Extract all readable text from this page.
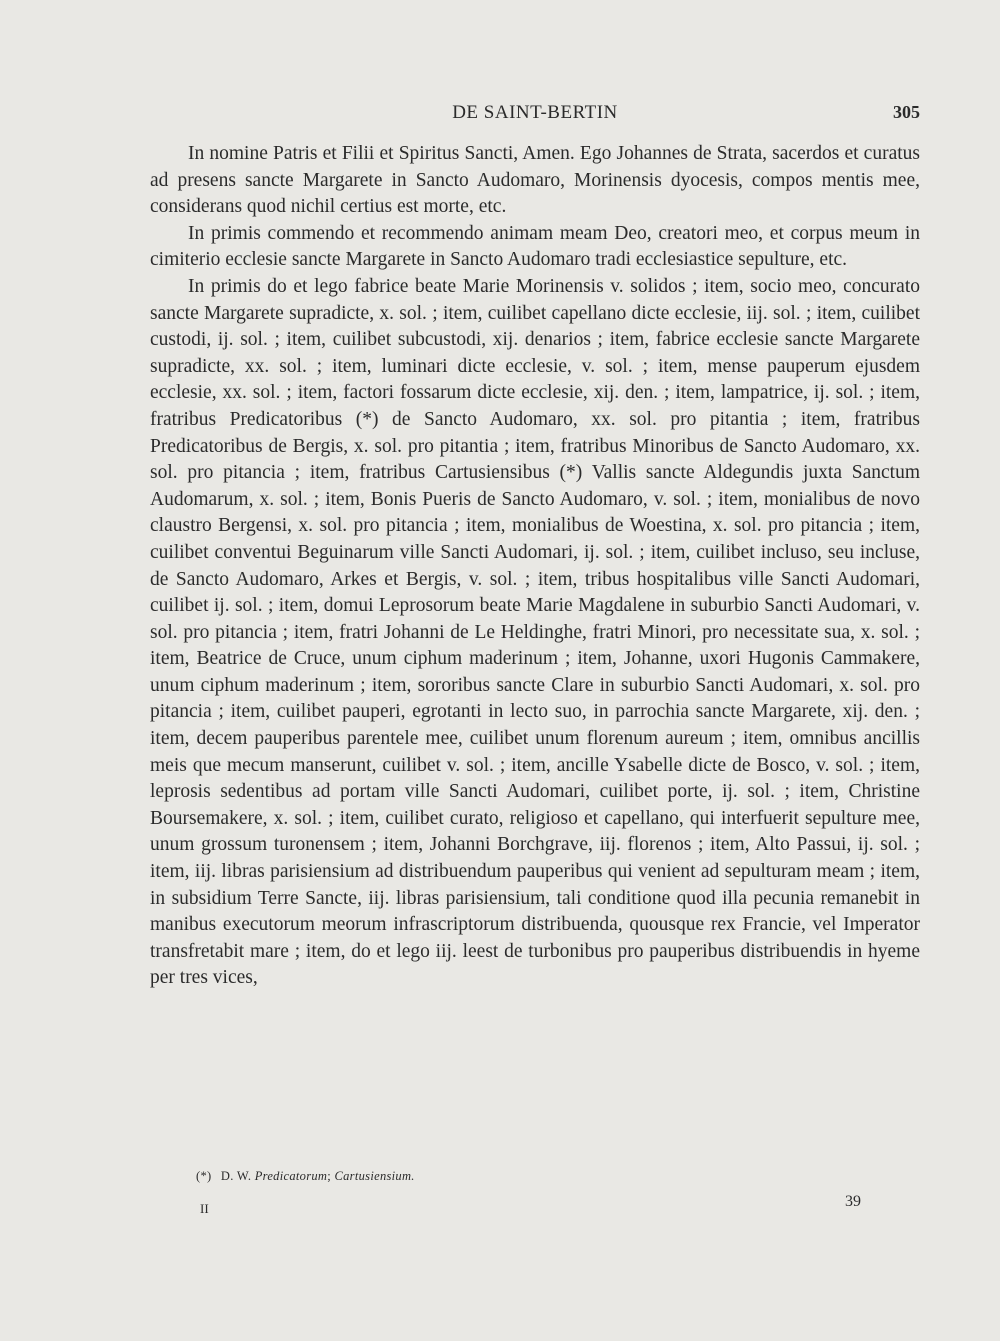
DE SAINT-BERTIN	305

In nomine Patris et Filii et Spiritus Sancti, Amen. Ego Johannes de Strata, sacerdos et curatus ad presens sancte Margarete in Sancto Audomaro, Morinensis dyocesis, compos mentis mee, considerans quod nichil certius est morte, etc.

In primis commendo et recommendo animam meam Deo, creatori meo, et corpus meum in cimiterio ecclesie sancte Margarete in Sancto Audomaro tradi ecclesiastice sepulture, etc.

In primis do et lego fabrice beate Marie Morinensis v. solidos ; item, socio meo, concurato sancte Margarete supradicte, x. sol. ; item, cuilibet capellano dicte ecclesie, iij. sol. ; item, cuilibet custodi, ij. sol. ; item, cuilibet subcustodi, xij. denarios ; item, fabrice ecclesie sancte Margarete supradicte, xx. sol. ; item, luminari dicte ecclesie, v. sol. ; item, mense pauperum ejusdem ecclesie, xx. sol. ; item, factori fossarum dicte ecclesie, xij. den. ; item, lampatrice, ij. sol. ; item, fratribus Predicatoribus (*) de Sancto Audomaro, xx. sol. pro pitantia ; item, fratribus Predicatoribus de Bergis, x. sol. pro pitantia ; item, fratribus Minoribus de Sancto Audomaro, xx. sol. pro pitancia ; item, fratribus Cartusiensibus (*) Vallis sancte Aldegundis juxta Sanctum Audomarum, x. sol. ; item, Bonis Pueris de Sancto Audomaro, v. sol. ; item, monialibus de novo claustro Bergensi, x. sol. pro pitancia ; item, monialibus de Woestina, x. sol. pro pitancia ; item, cuilibet conventui Beguinarum ville Sancti Audomari, ij. sol. ; item, cuilibet incluso, seu incluse, de Sancto Audomaro, Arkes et Bergis, v. sol. ; item, tribus hospitalibus ville Sancti Audomari, cuilibet ij. sol. ; item, domui Leprosorum beate Marie Magdalene in suburbio Sancti Audomari, v. sol. pro pitancia ; item, fratri Johanni de Le Heldinghe, fratri Minori, pro necessitate sua, x. sol. ; item, Beatrice de Cruce, unum ciphum maderinum ; item, Johanne, uxori Hugonis Cammakere, unum ciphum maderinum ; item, sororibus sancte Clare in suburbio Sancti Audomari, x. sol. pro pitancia ; item, cuilibet pauperi, egrotanti in lecto suo, in parrochia sancte Margarete, xij. den. ; item, decem pauperibus parentele mee, cuilibet unum florenum aureum ; item, omnibus ancillis meis que mecum manserunt, cuilibet v. sol. ; item, ancille Ysabelle dicte de Bosco, v. sol. ; item, leprosis sedentibus ad portam ville Sancti Audomari, cuilibet porte, ij. sol. ; item, Christine Boursemakere, x. sol. ; item, cuilibet curato, religioso et capellano, qui interfuerit sepulture mee, unum grossum turonensem ; item, Johanni Borchgrave, iij. florenos ; item, Alto Passui, ij. sol. ; item, iij. libras parisiensium ad distribuendum pauperibus qui venient ad sepulturam meam ; item, in subsidium Terre Sancte, iij. libras parisiensium, tali conditione quod illa pecunia remanebit in manibus executorum meorum infrascriptorum distribuenda, quousque rex Francie, vel Imperator transfretabit mare ; item, do et lego iij. leest de turbonibus pro pauperibus distribuendis in hyeme per tres vices,

(*) D. W. Predicatorum; Cartusiensium.
II	39
